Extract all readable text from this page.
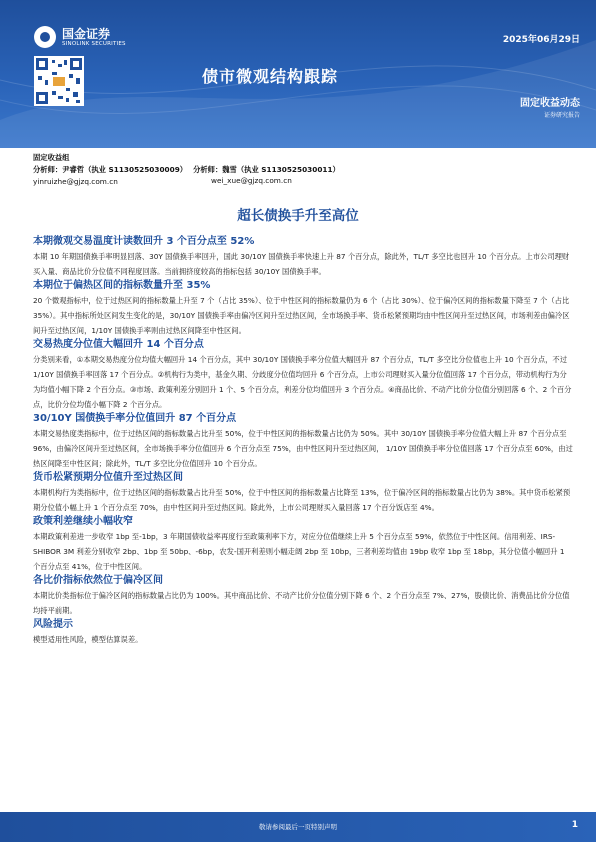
国金证券
SINOLINK SECURITIES	2025年06月29日
债市微观结构跟踪
固定收益动态
证券研究报告
固定收益组
分析师：尹睿哲（执业 S1130525030009） 分析师：魏雪（执业 S1130525030011）
yinruizhe@gjzq.com.cn	wei_xue@gjzq.com.cn
超长债换手升至高位
本期微观交易温度计读数回升 3 个百分点至 52%

本期 10 年期国债换手率明显回落、30Y 国债换手率回升，国此 30/10Y 国债换手率快速上升 87 个百分点，除此外，TL/T 多空比也回升 10 个百分点。上市公司理财买入量、商品比价分位值不同程度回落。当前拥挤度较高的指标包括 30/10Y 国债换手率。

本期位于偏热区间的指标数量升至 35%

20 个微观指标中，位于过热区间的指标数量上升至 7 个（占比 35%）、位于中性区间的指标数量仍为 6 个（占比 30%）、位于偏冷区间的指标数量下降至 7 个（占比 35%）。其中指标所处区间发生变化的是，30/10Y 国债换手率由偏冷区间升至过热区间，全市场换手率、货币松紧预期均由中性区间升至过热区间，市场利差由偏冷区间升至过热区间，1/10Y 国债换手率则由过热区间降至中性区间。

交易热度分位值大幅回升 14 个百分点

分类别来看，①本期交易热度分位均值大幅回升 14 个百分点，其中 30/10Y 国债换手率分位值大幅回升 87 个百分点，TL/T 多空比分位值也上升 10 个百分点，不过 1/10Y 国债换手率回落 17 个百分点。②机构行为类中，基金久期、分歧度分位值均回升 6 个百分点，上市公司理财买入量分位值回落 17 个百分点，带动机构行为分为均值小幅下降 2 个百分点。③市场、政策利差分别回升 1 个、5 个百分点，利差分位均值回升 3 个百分点。④商品比价、不动产比价分位值分别回落 6 个、2 个百分点，比价分位均值小幅下降 2 个百分点。

30/10Y 国债换手率分位值回升 87 个百分点

本期交易热度类指标中，位于过热区间的指标数量占比升至 50%，位于中性区间的指标数量占比仍为 50%。其中 30/10Y 国债换手率分位值大幅上升 87 个百分点至 96%，由偏冷区间升至过热区间，全市场换手率分位值回升 6 个百分点至 75%，由中性区间升至过热区间， 1/10Y 国债换手率分位值回落 17 个百分点至 60%，由过热区间降至中性区间；除此外，TL/T 多空比分位值回升 10 个百分点。

货币松紧预期分位值升至过热区间

本期机构行为类指标中，位于过热区间的指标数量占比升至 50%，位于中性区间的指标数量占比降至 13%，位于偏冷区间的指标数量占比仍为 38%。其中货币松紧预期分位值小幅上升 1 个百分点至 70%，由中性区间升至过热区间。除此外，上市公司理财买入量回落 17 个百分饭店至 4%。

政策利差继续小幅收窄

本期政策利差进一步收窄 1bp 至-1bp，3 年期国债收益率再度行至政策利率下方，对应分位值继续上升 5 个百分点至 59%，依然位于中性区间。信用利差、IRS-SHIBOR 3M 利差分别收窄 2bp、1bp 至 50bp、-6bp，农发-国开利差则小幅走阔 2bp 至 10bp，三者利差均值由 19bp 收窄 1bp 至 18bp，其分位值小幅回升 1 个百分点至 41%，位于中性区间。

各比价指标依然位于偏冷区间

本期比价类指标位于偏冷区间的指标数量占比仍为 100%。其中商品比价、不动产比价分位值分别下降 6 个、2 个百分点至 7%、27%，股债比价、消费品比价分位值均持平前期。

风险提示

模型适用性风险，模型估算误差。

敬请参阅最后一页特别声明	1
